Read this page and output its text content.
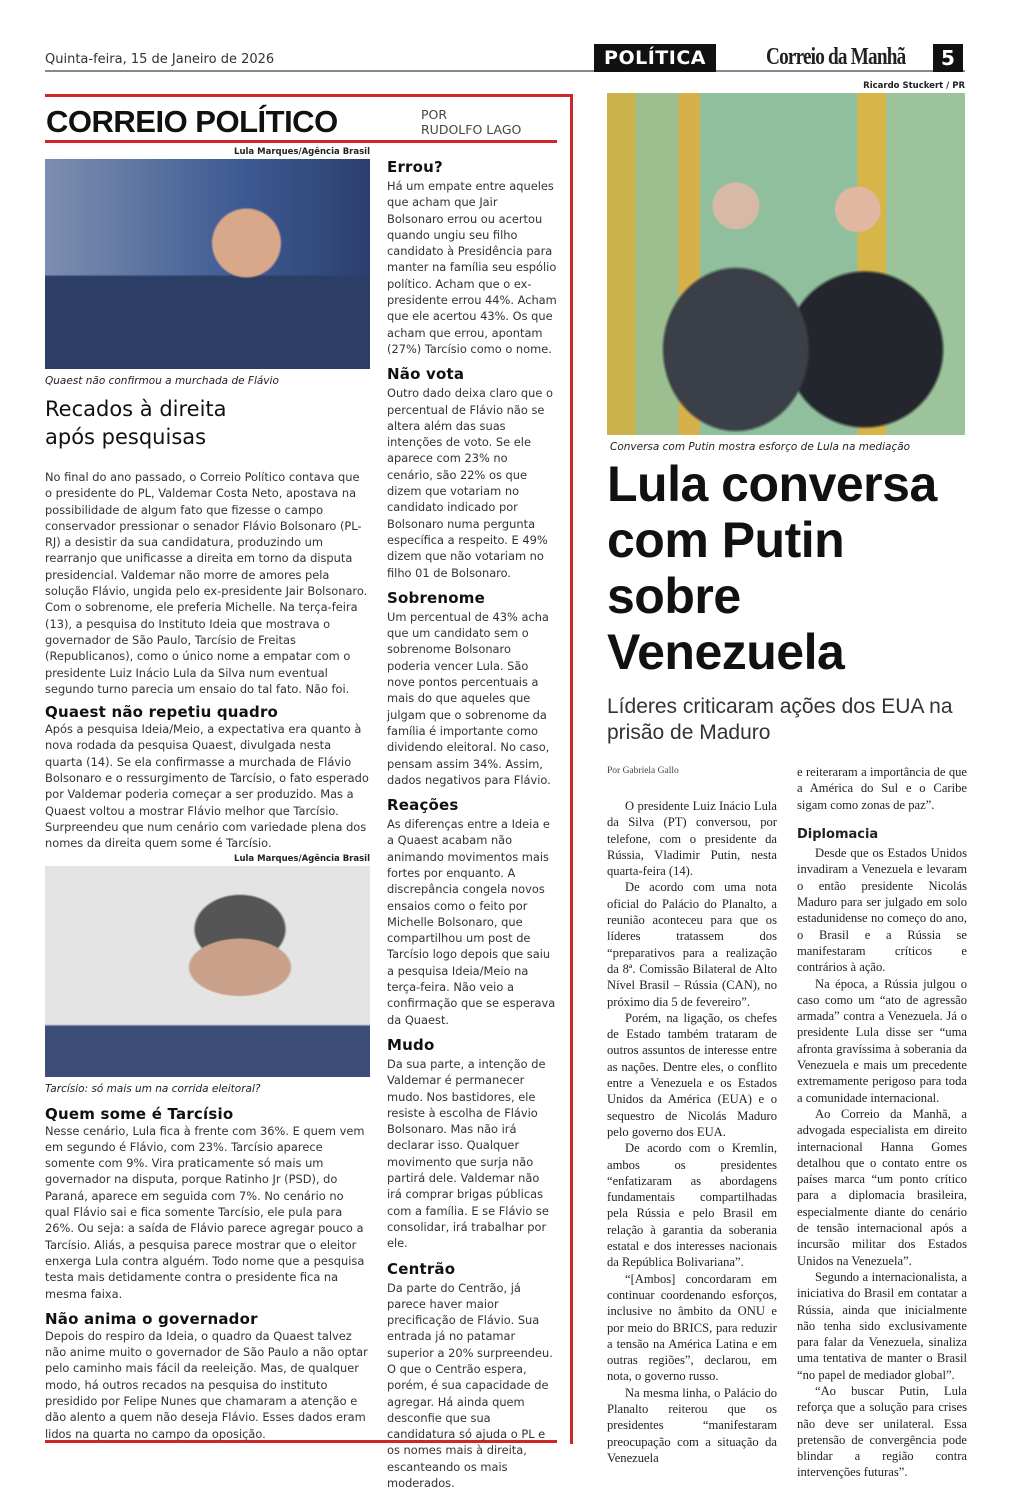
Quinta-feira, 15 de Janeiro de 2026	POLÍTICA	Correio da Manhã	5
CORREIO POLÍTICO	POR
RUDOLFO LAGO
Lula Marques/Agência Brasil
Quaest não confirmou a murchada de Flávio
Recados à direita após pesquisas

No final do ano passado, o Correio Político contava que o presidente do PL, Valdemar Costa Neto, apostava na possibilidade de algum fato que fizesse o campo conservador pressionar o senador Flávio Bolsonaro (PL-RJ) a desistir da sua candidatura, produzindo um rearranjo que unificasse a direita em torno da disputa presidencial. Valdemar não morre de amores pela solução Flávio, ungida pelo ex-presidente Jair Bolsonaro. Com o sobrenome, ele preferia Michelle. Na terça-feira (13), a pesquisa do Instituto Ideia que mostrava o governador de São Paulo, Tarcísio de Freitas (Republicanos), como o único nome a empatar com o presidente Luiz Inácio Lula da Silva num eventual segundo turno parecia um ensaio do tal fato. Não foi.

Quaest não repetiu quadro

Após a pesquisa Ideia/Meio, a expectativa era quanto à nova rodada da pesquisa Quaest, divulgada nesta quarta (14). Se ela confirmasse a murchada de Flávio Bolsonaro e o ressurgimento de Tarcísio, o fato esperado por Valdemar poderia começar a ser produzido. Mas a Quaest voltou a mostrar Flávio melhor que Tarcísio. Surpreendeu que num cenário com variedade plena dos nomes da direita quem some é Tarcísio.

Lula Marques/Agência Brasil
Tarcísio: só mais um na corrida eleitoral?
Quem some é Tarcísio

Nesse cenário, Lula fica à frente com 36%. E quem vem em segundo é Flávio, com 23%. Tarcísio aparece somente com 9%. Vira praticamente só mais um governador na disputa, porque Ratinho Jr (PSD), do Paraná, aparece em seguida com 7%. No cenário no qual Flávio sai e fica somente Tarcísio, ele pula para 26%. Ou seja: a saída de Flávio parece agregar pouco a Tarcísio. Aliás, a pesquisa parece mostrar que o eleitor enxerga Lula contra alguém. Todo nome que a pesquisa testa mais detidamente contra o presidente fica na mesma faixa.

Não anima o governador

Depois do respiro da Ideia, o quadro da Quaest talvez não anime muito o governador de São Paulo a não optar pelo caminho mais fácil da reeleição. Mas, de qualquer modo, há outros recados na pesquisa do instituto presidido por Felipe Nunes que chamaram a atenção e dão alento a quem não deseja Flávio. Esses dados eram lidos na quarta no campo da oposição.

Errou?

Há um empate entre aqueles que acham que Jair Bolsonaro errou ou acertou quando ungiu seu filho candidato à Presidência para manter na família seu espólio político. Acham que o ex-presidente errou 44%. Acham que ele acertou 43%. Os que acham que errou, apontam (27%) Tarcísio como o nome.

Não vota

Outro dado deixa claro que o percentual de Flávio não se altera além das suas intenções de voto. Se ele aparece com 23% no cenário, são 22% os que dizem que votariam no candidato indicado por Bolsonaro numa pergunta específica a respeito. E 49% dizem que não votariam no filho 01 de Bolsonaro.

Sobrenome

Um percentual de 43% acha que um candidato sem o sobrenome Bolsonaro poderia vencer Lula. São nove pontos percentuais a mais do que aqueles que julgam que o sobrenome da família é importante como dividendo eleitoral. No caso, pensam assim 34%. Assim, dados negativos para Flávio.

Reações

As diferenças entre a Ideia e a Quaest acabam não animando movimentos mais fortes por enquanto. A discrepância congela novos ensaios como o feito por Michelle Bolsonaro, que compartilhou um post de Tarcísio logo depois que saiu a pesquisa Ideia/Meio na terça-feira. Não veio a confirmação que se esperava da Quaest.

Mudo

Da sua parte, a intenção de Valdemar é permanecer mudo. Nos bastidores, ele resiste à escolha de Flávio Bolsonaro. Mas não irá declarar isso. Qualquer movimento que surja não partirá dele. Valdemar não irá comprar brigas públicas com a família. E se Flávio se consolidar, irá trabalhar por ele.

Centrão

Da parte do Centrão, já parece haver maior precificação de Flávio. Sua entrada já no patamar superior a 20% surpreendeu. O que o Centrão espera, porém, é sua capacidade de agregar. Há ainda quem desconfie que sua candidatura só ajuda o PL e os nomes mais à direita, escanteando os mais moderados.

Ricardo Stuckert / PR
Conversa com Putin mostra esforço de Lula na mediação
Lula conversa com Putin sobre Venezuela
Líderes criticaram ações dos EUA na prisão de Maduro
Por Gabriela Gallo

O presidente Luiz Inácio Lula da Silva (PT) conversou, por telefone, com o presidente da Rússia, Vladimir Putin, nesta quarta-feira (14).

De acordo com uma nota oficial do Palácio do Planalto, a reunião aconteceu para que os líderes tratassem dos “preparativos para a realização da 8ª. Comissão Bilateral de Alto Nível Brasil – Rússia (CAN), no próximo dia 5 de fevereiro”.

Porém, na ligação, os chefes de Estado também trataram de outros assuntos de interesse entre as nações. Dentre eles, o conflito entre a Venezuela e os Estados Unidos da América (EUA) e o sequestro de Nicolás Maduro pelo governo dos EUA.

De acordo com o Kremlin, ambos os presidentes “enfatizaram as abordagens fundamentais compartilhadas pela Rússia e pelo Brasil em relação à garantia da soberania estatal e dos interesses nacionais da República Bolivariana”.

“[Ambos] concordaram em continuar coordenando esforços, inclusive no âmbito da ONU e por meio do BRICS, para reduzir a tensão na América Latina e em outras regiões”, declarou, em nota, o governo russo.

Na mesma linha, o Palácio do Planalto reiterou que os presidentes “manifestaram preocupação com a situação da Venezuela

e reiteraram a importância de que a América do Sul e o Caribe sigam como zonas de paz”.

Diplomacia

Desde que os Estados Unidos invadiram a Venezuela e levaram o então presidente Nicolás Maduro para ser julgado em solo estadunidense no começo do ano, o Brasil e a Rússia se manifestaram críticos e contrários à ação.

Na época, a Rússia julgou o caso como um “ato de agressão armada” contra a Venezuela. Já o presidente Lula disse ser “uma afronta gravíssima à soberania da Venezuela e mais um precedente extremamente perigoso para toda a comunidade internacional.

Ao Correio da Manhã, a advogada especialista em direito internacional Hanna Gomes detalhou que o contato entre os países marca “um ponto crítico para a diplomacia brasileira, especialmente diante do cenário de tensão internacional após a incursão militar dos Estados Unidos na Venezuela”.

Segundo a internacionalista, a iniciativa do Brasil em contatar a Rússia, ainda que inicialmente não tenha sido exclusivamente para falar da Venezuela, sinaliza uma tentativa de manter o Brasil “no papel de mediador global”.

“Ao buscar Putin, Lula reforça que a solução para crises não deve ser unilateral. Essa pretensão de convergência pode blindar a região contra intervenções futuras”.
